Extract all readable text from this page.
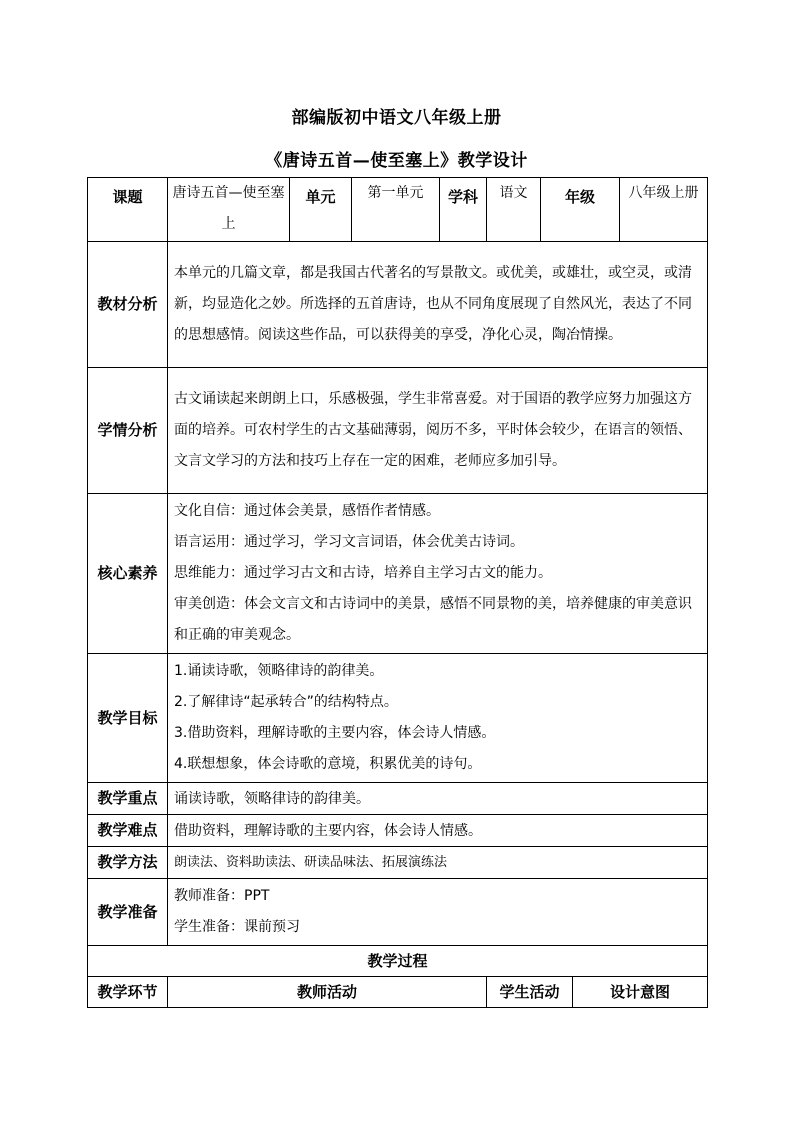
部编版初中语文八年级上册
《唐诗五首—使至塞上》教学设计
课题	唐诗五首—使至塞上	单元	第一单元	学科	语文	年级		八年级上册
教材分析	本单元的几篇文章，都是我国古代著名的写景散文。或优美，或雄壮，或空灵，或清新，均显造化之妙。所选择的五首唐诗，也从不同角度展现了自然风光，表达了不同的思想感情。阅读这些作品，可以获得美的享受，净化心灵，陶冶情操。							
学情分析	古文诵读起来朗朗上口，乐感极强，学生非常喜爱。对于国语的教学应努力加强这方面的培养。可农村学生的古文基础薄弱，阅历不多，平时体会较少，在语言的领悟、文言文学习的方法和技巧上存在一定的困难，老师应多加引导。							
核心素养	文化自信：通过体会美景，感悟作者情感。
语言运用：通过学习，学习文言词语，体会优美古诗词。
思维能力：通过学习古文和古诗，培养自主学习古文的能力。
审美创造：体会文言文和古诗词中的美景，感悟不同景物的美，培养健康的审美意识和正确的审美观念。							

教学目标	1.诵读诗歌，领略律诗的韵律美。
2.了解律诗“起承转合”的结构特点。
3.借助资料，理解诗歌的主要内容，体会诗人情感。
4.联想想象，体会诗歌的意境，积累优美的诗句。							

教学重点	诵读诗歌，领略律诗的韵律美。							
教学难点	借助资料，理解诗歌的主要内容，体会诗人情感。							
教学方法	朗读法、资料助读法、研读品味法、拓展演练法							
教学准备	教师准备：PPT
学生准备：课前预习							

教学过程								
教学环节	教师活动				学生活动		设计意图	
